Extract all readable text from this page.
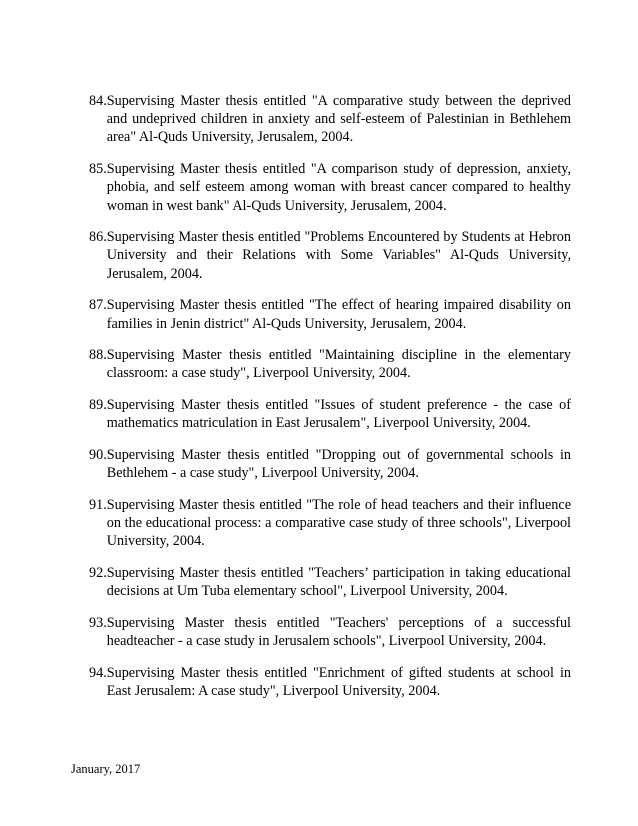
84. Supervising Master thesis entitled "A comparative study between the deprived and undeprived children in anxiety and self-esteem of Palestinian in Bethlehem area" Al-Quds University, Jerusalem, 2004.
85. Supervising Master thesis entitled "A comparison study of depression, anxiety, phobia, and self esteem among woman with breast cancer compared to healthy woman in west bank" Al-Quds University, Jerusalem, 2004.
86. Supervising Master thesis entitled "Problems Encountered by Students at Hebron University and their Relations with Some Variables" Al-Quds University, Jerusalem, 2004.
87. Supervising Master thesis entitled "The effect of hearing impaired disability on families in Jenin district" Al-Quds University, Jerusalem, 2004.
88. Supervising Master thesis entitled "Maintaining discipline in the elementary classroom: a case study", Liverpool University, 2004.
89. Supervising Master thesis entitled "Issues of student preference - the case of mathematics matriculation in East Jerusalem", Liverpool University, 2004.
90. Supervising Master thesis entitled "Dropping out of governmental schools in Bethlehem - a case study", Liverpool University, 2004.
91. Supervising Master thesis entitled "The role of head teachers and their influence on the educational process: a comparative case study of three schools", Liverpool University, 2004.
92. Supervising Master thesis entitled "Teachers’ participation in taking educational decisions at Um Tuba elementary school", Liverpool University, 2004.
93. Supervising Master thesis entitled "Teachers' perceptions of a successful headteacher - a case study in Jerusalem schools", Liverpool University, 2004.
94. Supervising Master thesis entitled "Enrichment of gifted students at school in East Jerusalem: A case study", Liverpool University, 2004.
January, 2017
